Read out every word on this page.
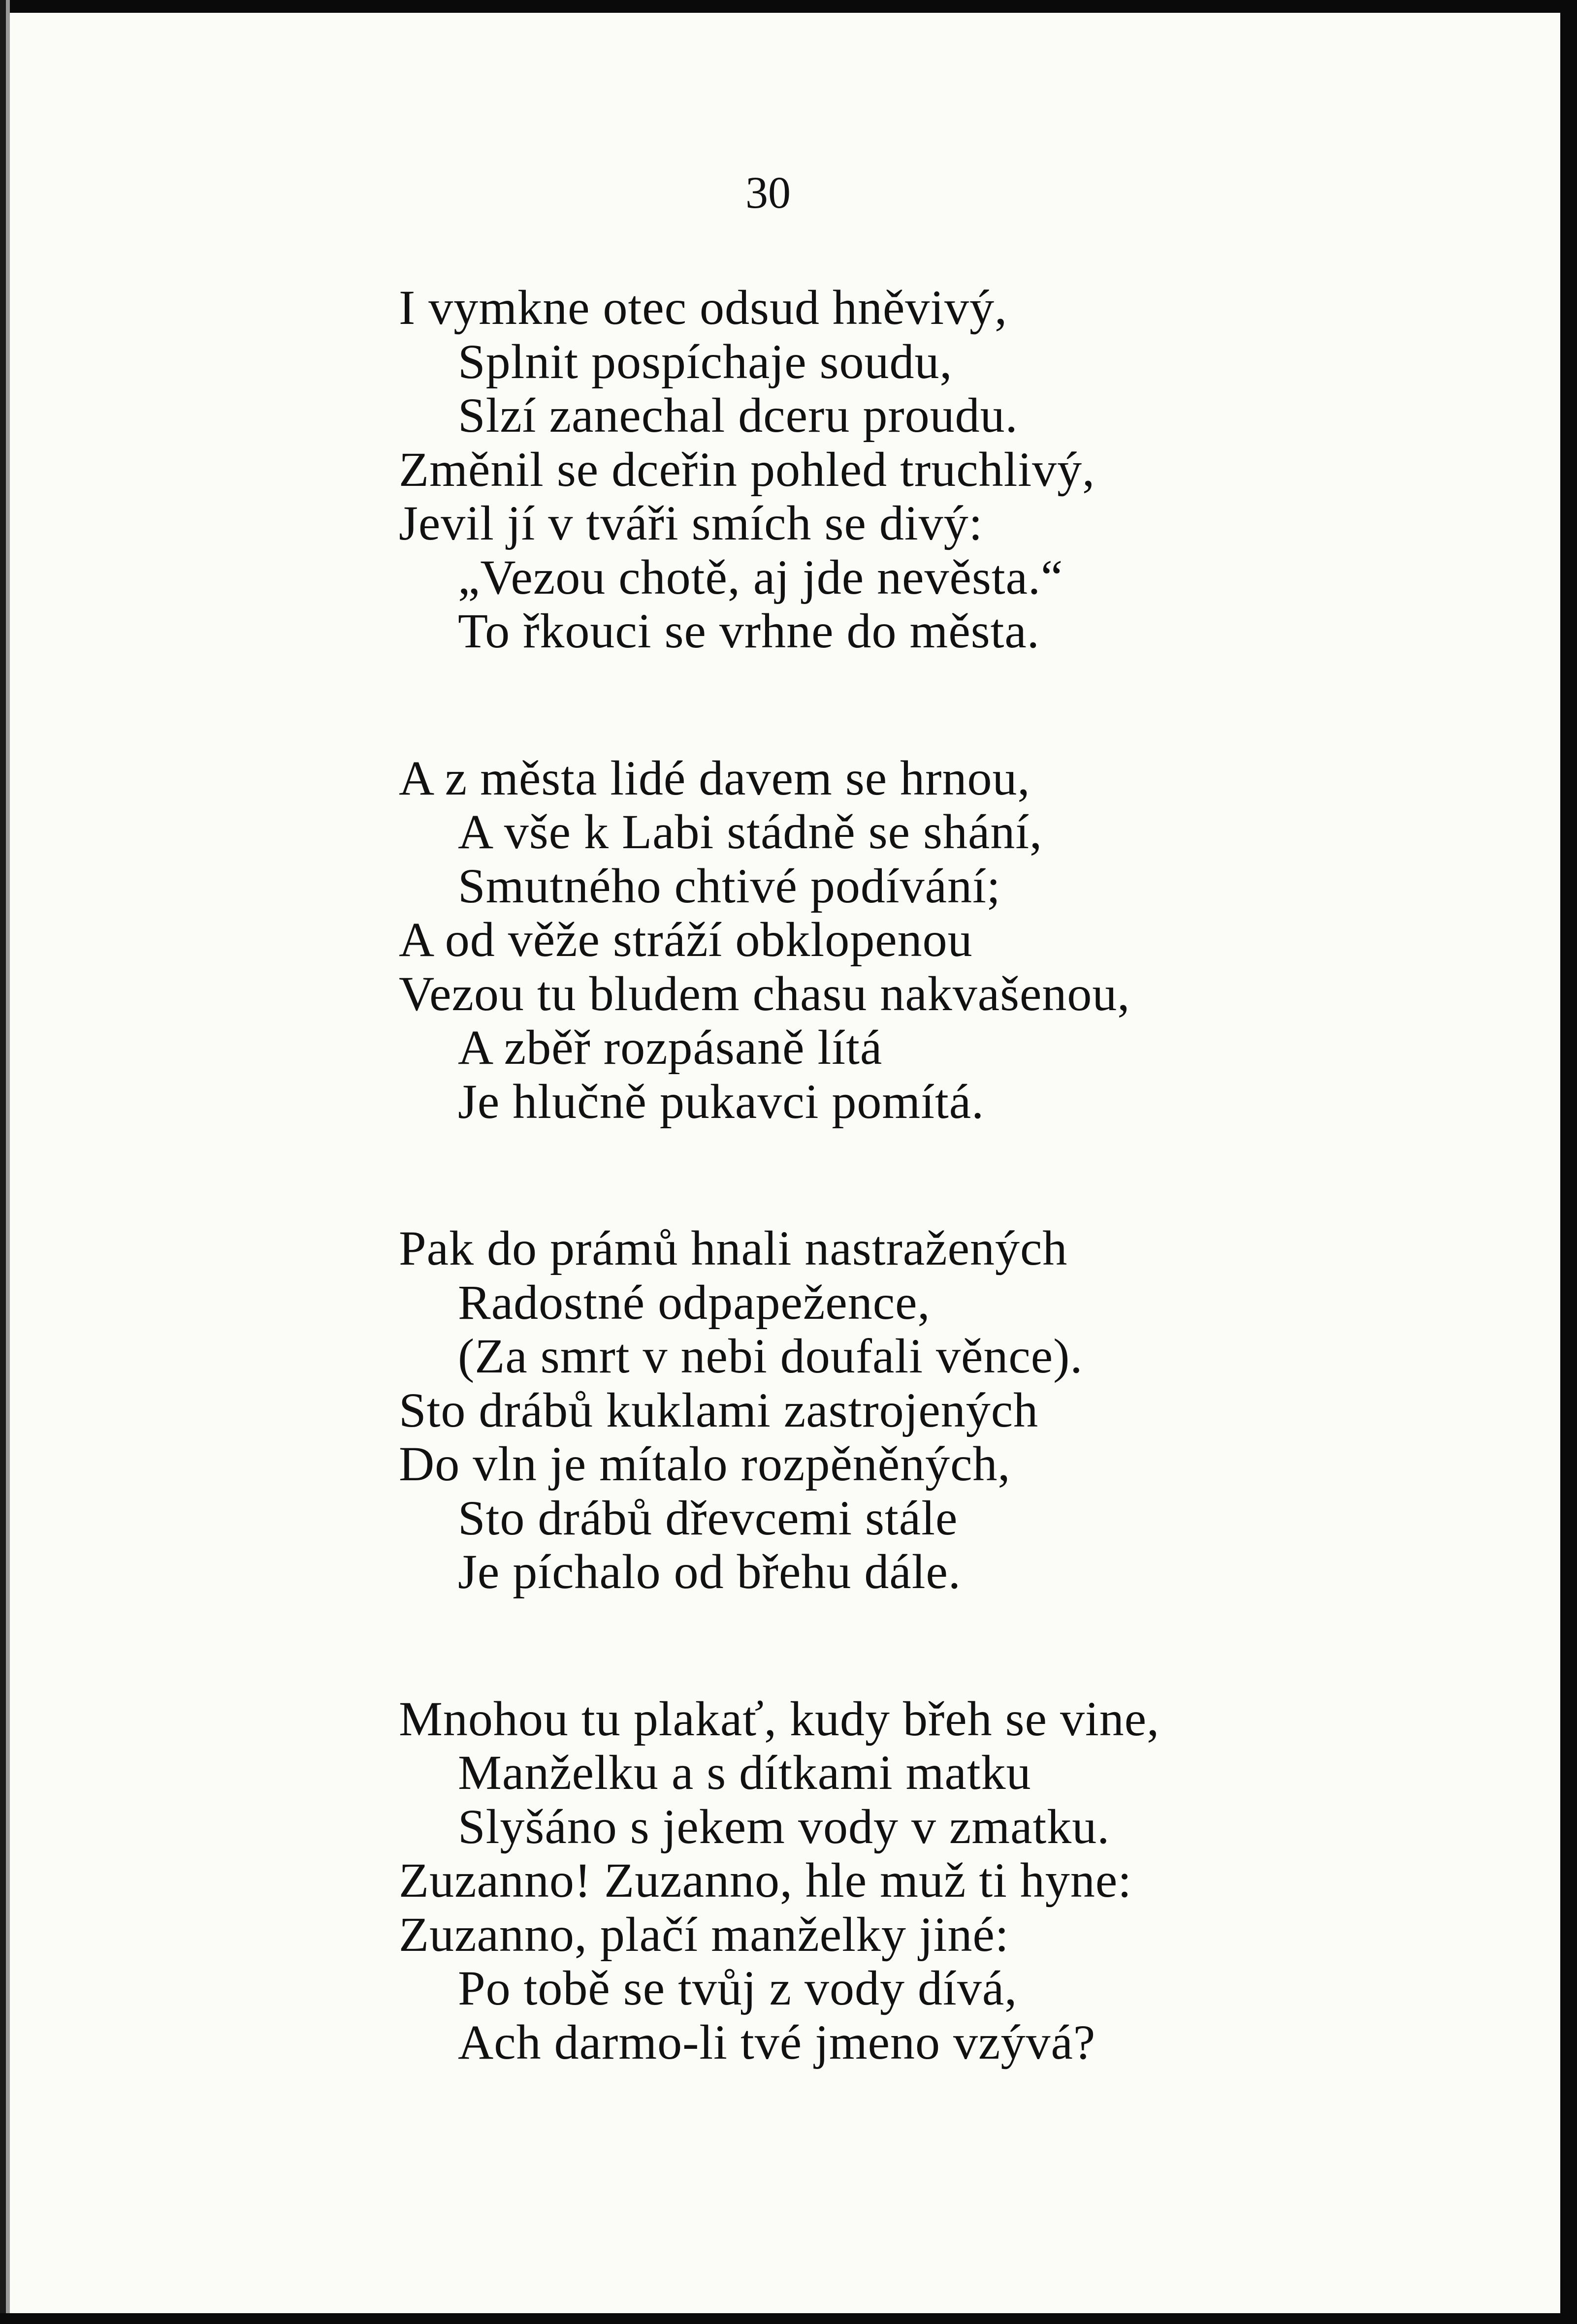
30
I vymkne otec odsud hněvivý,
Splnit pospíchaje soudu,
Slzí zanechal dceru proudu.
Změnil se dceřin pohled truchlivý,
Jevil jí v tváři smích se divý:
„Vezou chotě, aj jde nevěsta.“
To řkouci se vrhne do města.
A z města lidé davem se hrnou,
A vše k Labi stádně se shání,
Smutného chtivé podívání;
A od věže stráží obklopenou
Vezou tu bludem chasu nakvašenou,
A zběř rozpásaně lítá
Je hlučně pukavci pomítá.
Pak do prámů hnali nastražených
Radostné odpapežence,
(Za smrt v nebi doufali věnce).
Sto drábů kuklami zastrojených
Do vln je mítalo rozpěněných,
Sto drábů dřevcemi stále
Je píchalo od břehu dále.
Mnohou tu plakať, kudy břeh se vine,
Manželku a s dítkami matku
Slyšáno s jekem vody v zmatku.
Zuzanno! Zuzanno, hle muž ti hyne:
Zuzanno, plačí manželky jiné:
Po tobě se tvůj z vody dívá,
Ach darmo-li tvé jmeno vzývá?
